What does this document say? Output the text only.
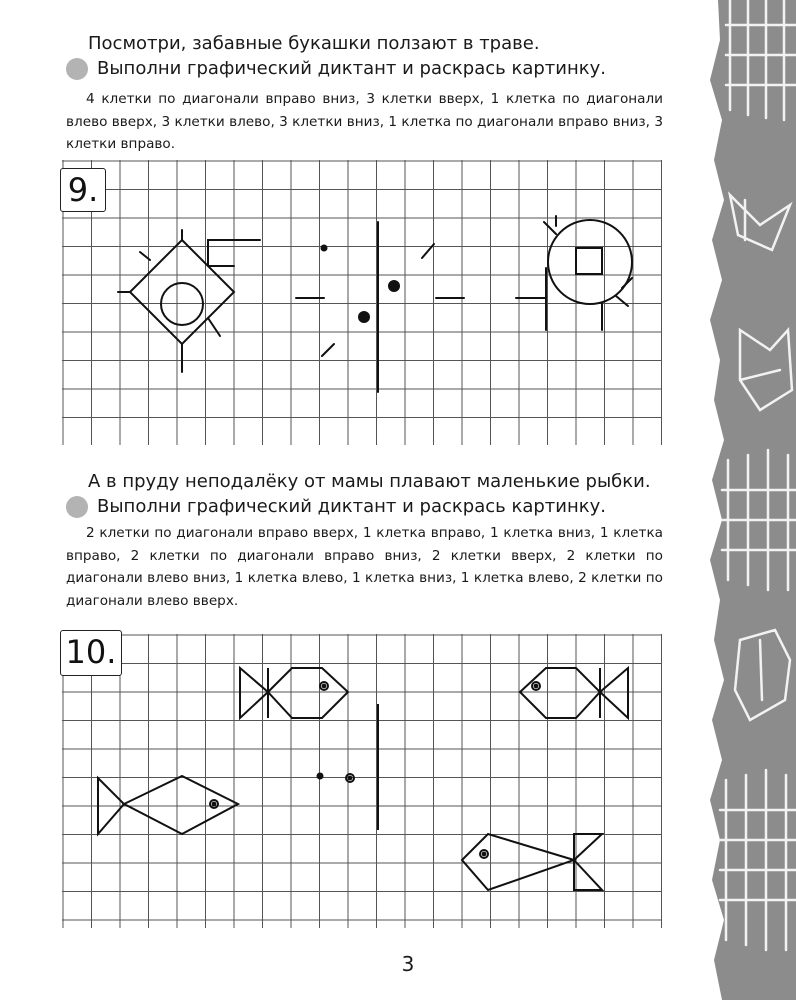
Посмотри, забавные букашки ползают в траве.

Выполни графический диктант и раскрась картинку.

4 клетки по диагонали вправо вниз, 3 клетки вверх, 1 клетка по диагонали влево вверх, 3 клетки влево, 3 клетки вниз, 1 клетка по диагонали вправо вниз, 3 клетки вправо.

9.

А в пруду неподалёку от мамы плавают маленькие рыбки.

Выполни графический диктант и раскрась картинку.

2 клетки по диагонали вправо вверх, 1 клетка вправо, 1 клетка вниз, 1 клетка вправо, 2 клетки по диагонали вправо вниз, 2 клетки вверх, 2 клетки по диагонали влево вниз, 1 клетка влево, 1 клетка вниз, 1 клетка влево, 2 клетки по диагонали влево вверх.

10.
3
